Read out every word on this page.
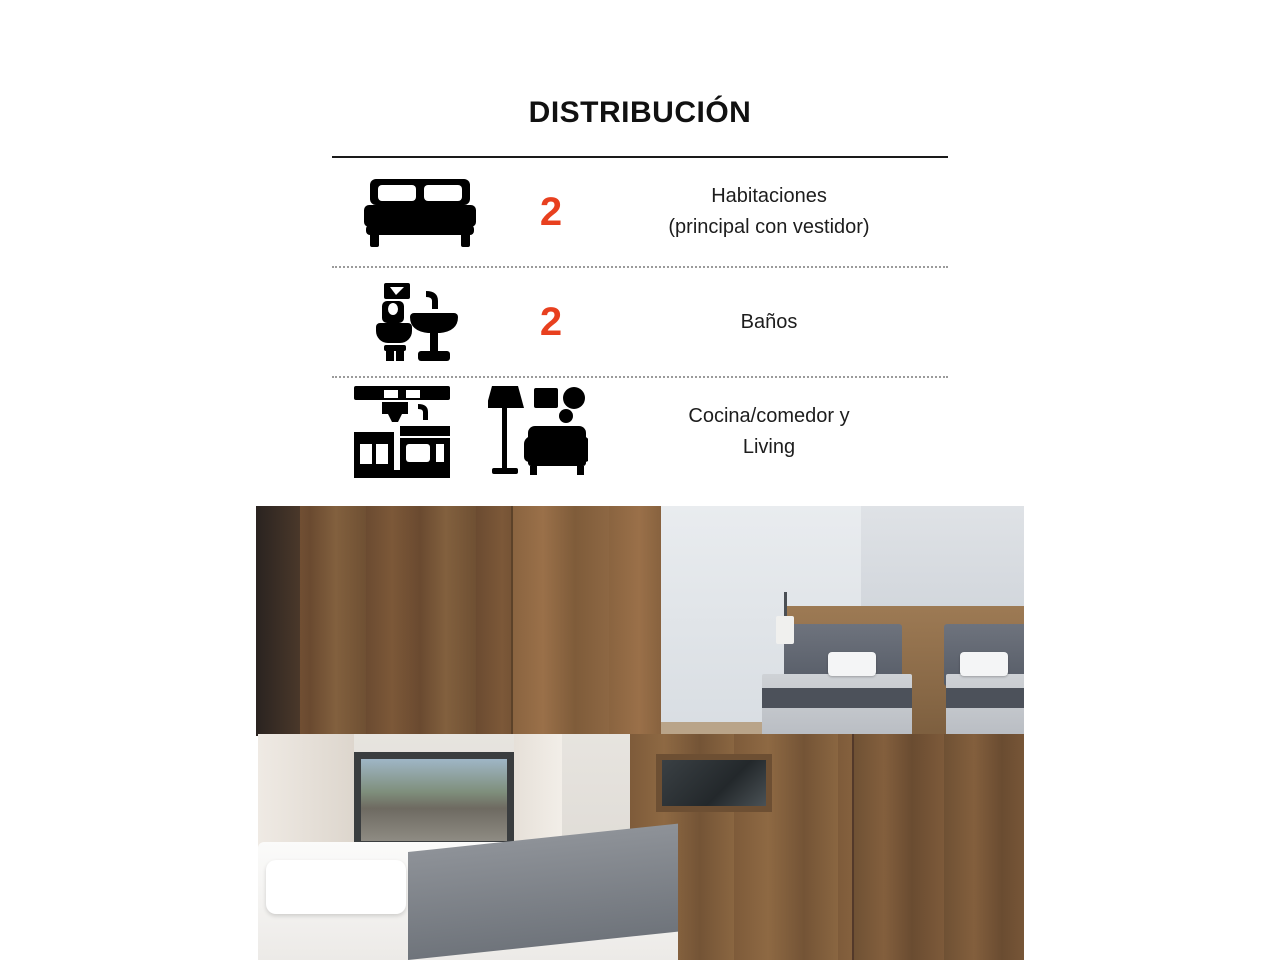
DISTRIBUCIÓN
2	Habitaciones
(principal con vestidor)
2	Baños
Cocina/comedor y
Living
